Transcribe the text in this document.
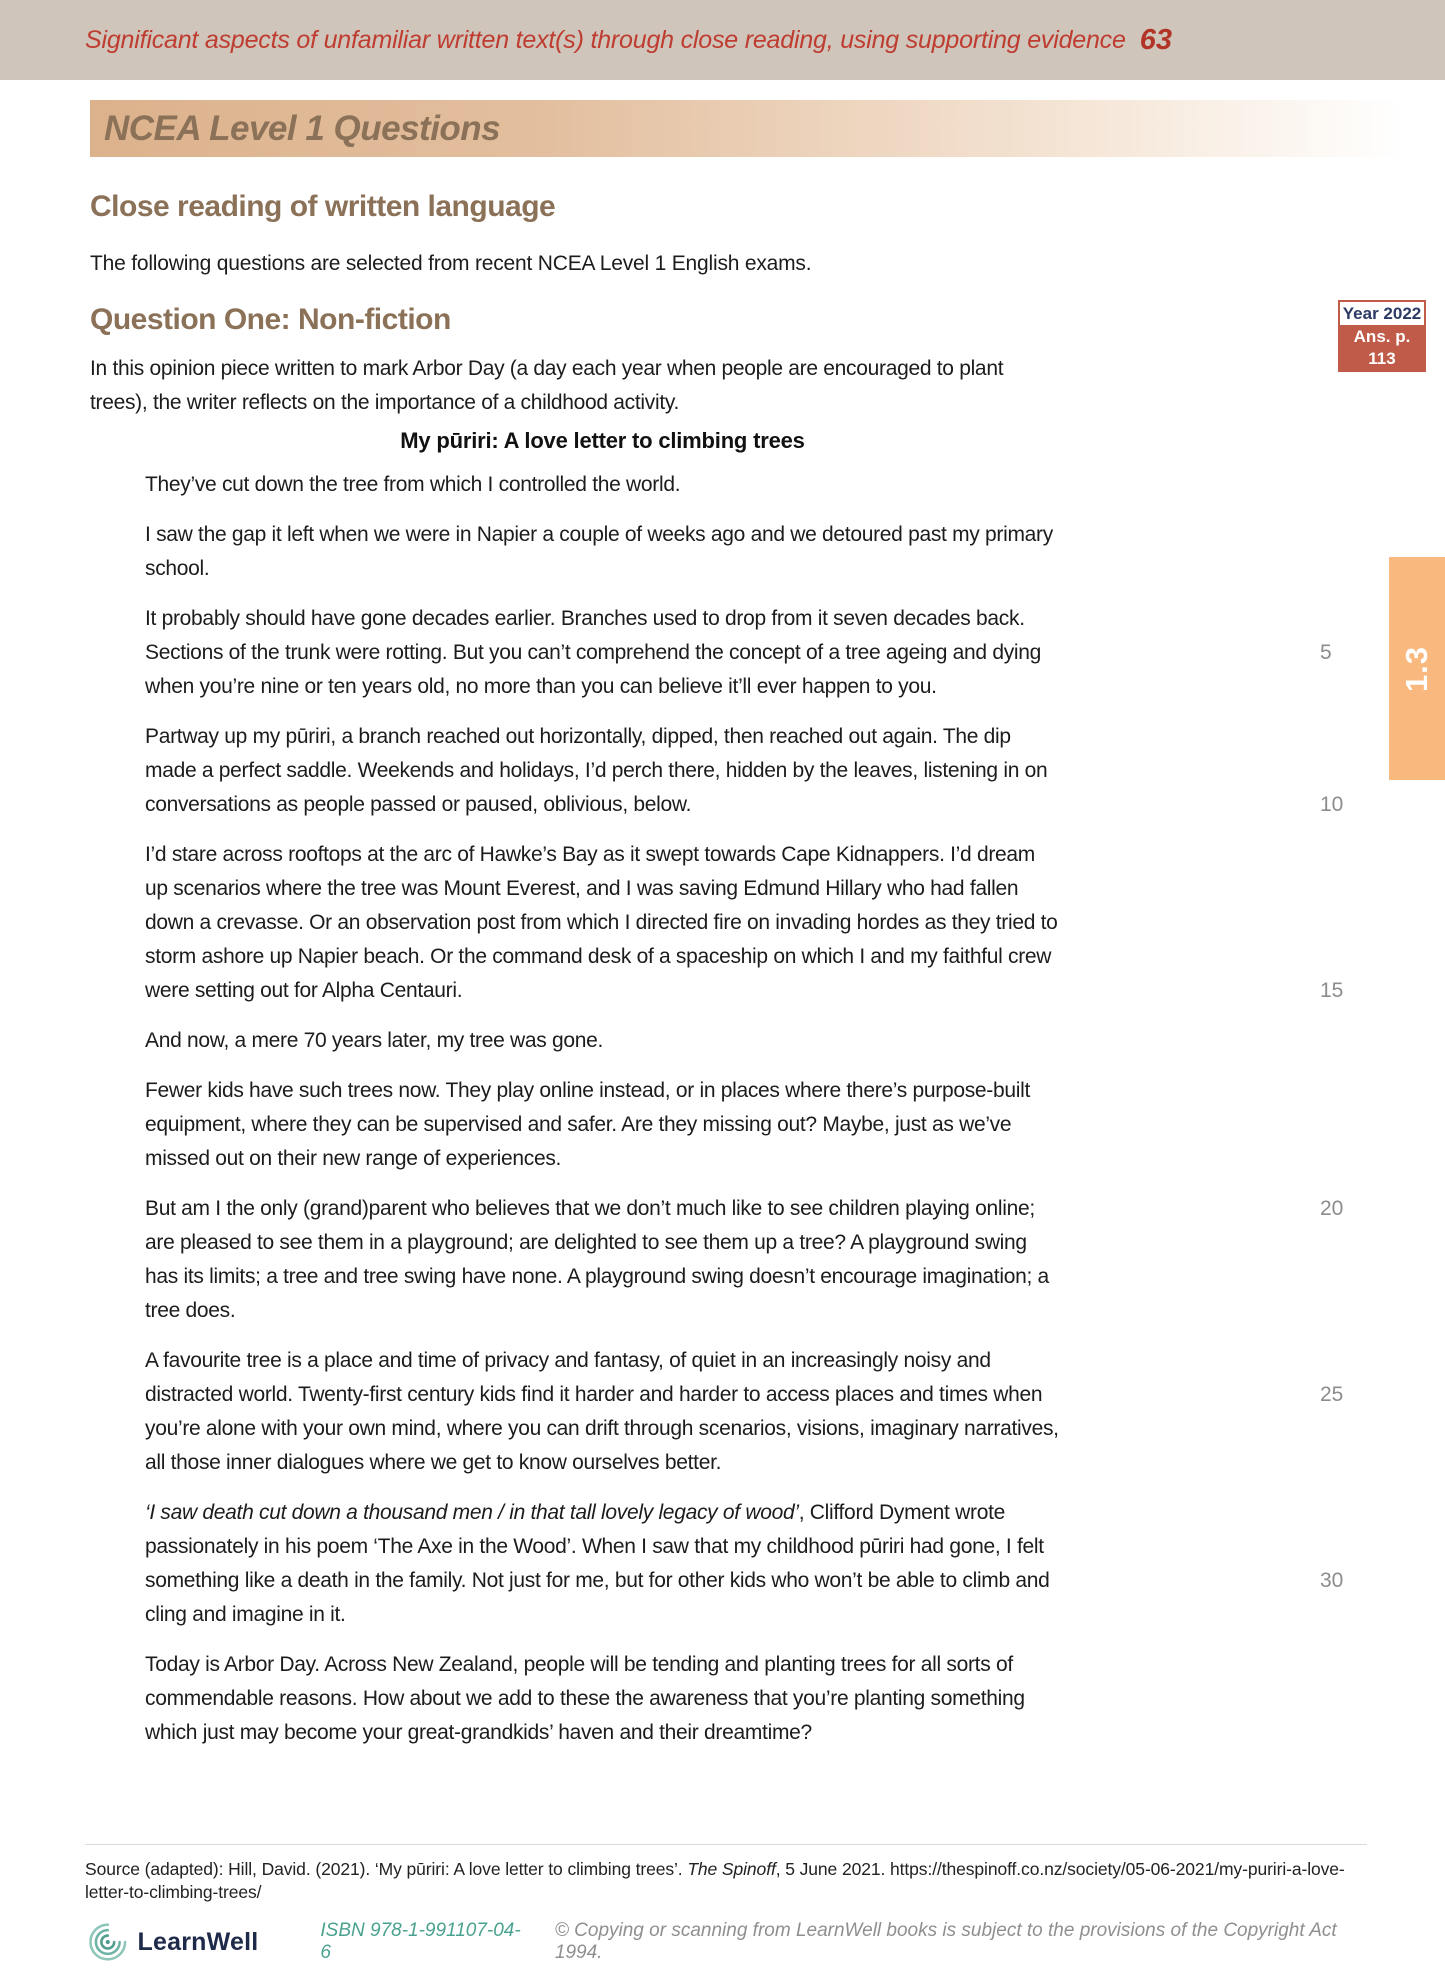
Significant aspects of unfamiliar written text(s) through close reading, using supporting evidence 63
NCEA Level 1 Questions
Close reading of written language
The following questions are selected from recent NCEA Level 1 English exams.
Question One: Non-fiction	Year 2022
Ans. p. 113
In this opinion piece written to mark Arbor Day (a day each year when people are encouraged to plant trees), the writer reflects on the importance of a childhood activity.
My pūriri: A love letter to climbing trees

They’ve cut down the tree from which I controlled the world.

I saw the gap it left when we were in Napier a couple of weeks ago and we detoured past my primary school.

It probably should have gone decades earlier. Branches used to drop from it seven decades back. Sections of the trunk were rotting. But you can’t comprehend the concept of a tree ageing and dying when you’re nine or ten years old, no more than you can believe it’ll ever happen to you.
5

Partway up my pūriri, a branch reached out horizontally, dipped, then reached out again. The dip made a perfect saddle. Weekends and holidays, I’d perch there, hidden by the leaves, listening in on conversations as people passed or paused, oblivious, below.	10

I’d stare across rooftops at the arc of Hawke’s Bay as it swept towards Cape Kidnappers. I’d dream up scenarios where the tree was Mount Everest, and I was saving Edmund Hillary who had fallen down a crevasse. Or an observation post from which I directed fire on invading hordes as they tried to storm ashore up Napier beach. Or the command desk of a spaceship on which I and my faithful crew were setting out for Alpha Centauri.	15

And now, a mere 70 years later, my tree was gone.

Fewer kids have such trees now. They play online instead, or in places where there’s purpose-built equipment, where they can be supervised and safer. Are they missing out? Maybe, just as we’ve missed out on their new range of experiences.

But am I the only (grand)parent who believes that we don’t much like to see children playing online; are pleased to see them in a playground; are delighted to see them up a tree? A playground swing has its limits; a tree and tree swing have none. A playground swing doesn’t encourage imagination; a tree does.
20

A favourite tree is a place and time of privacy and fantasy, of quiet in an increasingly noisy and distracted world. Twenty-first century kids find it harder and harder to access places and times when you’re alone with your own mind, where you can drift through scenarios, visions, imaginary narratives, all those inner dialogues where we get to know ourselves better.
25

‘I saw death cut down a thousand men / in that tall lovely legacy of wood’, Clifford Dyment wrote passionately in his poem ‘The Axe in the Wood’. When I saw that my childhood pūriri had gone, I felt something like a death in the family. Not just for me, but for other kids who won’t be able to climb and cling and imagine in it.
30

Today is Arbor Day. Across New Zealand, people will be tending and planting trees for all sorts of commendable reasons. How about we add to these the awareness that you’re planting something which just may become your great-grandkids’ haven and their dreamtime?

1.3
Source (adapted): Hill, David. (2021). ‘My pūriri: A love letter to climbing trees’. The Spinoff, 5 June 2021. https://thespinoff.co.nz/society/05-06-2021/my-puriri-a-love-letter-to-climbing-trees/
LearnWell	ISBN 978-1-991107-04-6
© Copying or scanning from LearnWell books is subject to the provisions of the Copyright Act 1994.
